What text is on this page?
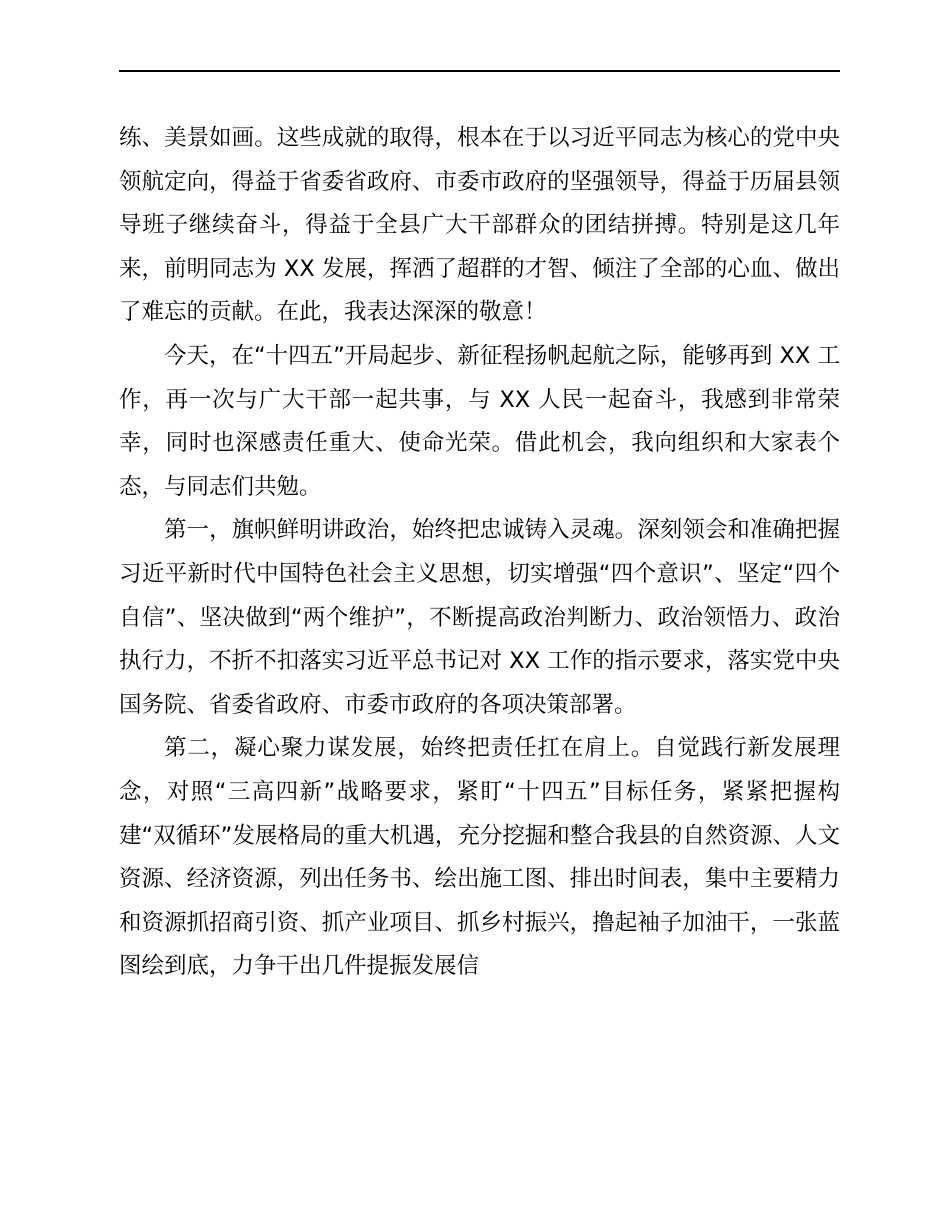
练、美景如画。这些成就的取得，根本在于以习近平同志为核心的党中央领航定向，得益于省委省政府、市委市政府的坚强领导，得益于历届县领导班子继续奋斗，得益于全县广大干部群众的团结拼搏。特别是这几年来，前明同志为 XX 发展，挥洒了超群的才智、倾注了全部的心血、做出了难忘的贡献。在此，我表达深深的敬意！

今天，在“十四五”开局起步、新征程扬帆起航之际，能够再到 XX 工作，再一次与广大干部一起共事，与 XX 人民一起奋斗，我感到非常荣幸，同时也深感责任重大、使命光荣。借此机会，我向组织和大家表个态，与同志们共勉。

第一，旗帜鲜明讲政治，始终把忠诚铸入灵魂。深刻领会和准确把握习近平新时代中国特色社会主义思想，切实增强“四个意识”、坚定“四个自信”、坚决做到“两个维护”，不断提高政治判断力、政治领悟力、政治执行力，不折不扣落实习近平总书记对 XX 工作的指示要求，落实党中央国务院、省委省政府、市委市政府的各项决策部署。

第二，凝心聚力谋发展，始终把责任扛在肩上。自觉践行新发展理念，对照“三高四新”战略要求，紧盯“十四五”目标任务，紧紧把握构建“双循环”发展格局的重大机遇，充分挖掘和整合我县的自然资源、人文资源、经济资源，列出任务书、绘出施工图、排出时间表，集中主要精力和资源抓招商引资、抓产业项目、抓乡村振兴，撸起袖子加油干，一张蓝图绘到底，力争干出几件提振发展信
